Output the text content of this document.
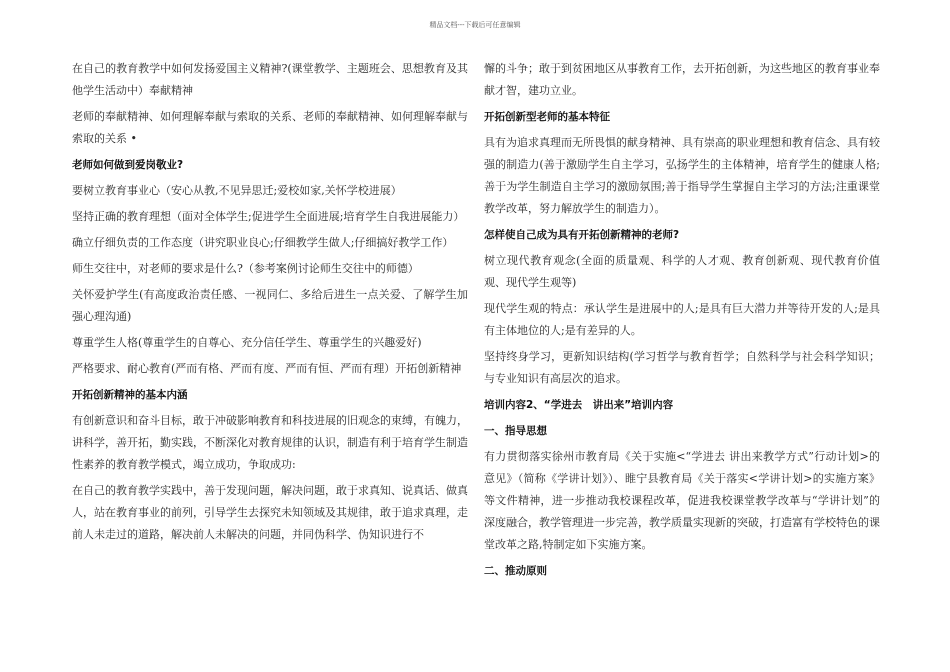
精品文档---下载后可任意编辑

在自己的教育教学中如何发扬爱国主义精神?(课堂教学、主题班会、思想教育及其他学生活动中）奉献精神

老师的奉献精神、如何理解奉献与索取的关系、老师的奉献精神、如何理解奉献与索取的关系 •

老师如何做到爱岗敬业?

要树立教育事业心（安心从教,不见异思迁;爱校如家,关怀学校进展）

坚持正确的教育理想（面对全体学生;促进学生全面进展;培育学生自我进展能力）

确立仔细负责的工作态度（讲究职业良心;仔细教学生做人;仔细搞好教学工作）

师生交往中，对老师的要求是什么?（参考案例讨论师生交往中的师德）

关怀爱护学生(有高度政治责任感、一视同仁、多给后进生一点关爱、了解学生加强心理沟通)

尊重学生人格(尊重学生的自尊心、充分信任学生、尊重学生的兴趣爱好)

严格要求、耐心教育(严而有格、严而有度、严而有恒、严而有理）开拓创新精神

开拓创新精神的基本内涵

有创新意识和奋斗目标，敢于冲破影响教育和科技进展的旧观念的束缚，有魄力，讲科学，善开拓，勤实践，不断深化对教育规律的认识，制造有利于培育学生制造性素养的教育教学模式，竭立成功，争取成功:

在自己的教育教学实践中，善于发现问题，解决问题，敢于求真知、说真话、做真人，站在教育事业的前列，引导学生去探究未知领域及其规律，敢于追求真理，走前人未走过的道路，解决前人未解决的问题，并同伪科学、伪知识进行不

懈的斗争；敢于到贫困地区从事教育工作，去开拓创新，为这些地区的教育事业奉献才智，建功立业。

开拓创新型老师的基本特征

具有为追求真理而无所畏惧的献身精神、具有崇高的职业理想和教育信念、具有较强的制造力(善于激励学生自主学习，弘扬学生的主体精神，培育学生的健康人格;善于为学生制造自主学习的激励氛围;善于指导学生掌握自主学习的方法;注重课堂教学改革，努力解放学生的制造力）。

怎样使自己成为具有开拓创新精神的老师?

树立现代教育观念(全面的质量观、科学的人才观、教育创新观、现代教育价值观、现代学生观等)

现代学生观的特点：承认学生是进展中的人;是具有巨大潜力并等待开发的人;是具有主体地位的人;是有差异的人。

坚持终身学习，更新知识结构(学习哲学与教育哲学；自然科学与社会科学知识；与专业知识有高层次的追求。

培训内容2、“学进去　讲出来”培训内容

一、指导思想

有力贯彻落实徐州市教育局《关于实施<“学进去 讲出来教学方式”行动计划>的意见》（简称《学讲计划》）、睢宁县教育局《关于落实<学讲计划>的实施方案》等文件精神，进一步推动我校课程改革，促进我校课堂教学改革与“学讲计划”的深度融合，教学管理进一步完善，教学质量实现新的突破，打造富有学校特色的课堂改革之路,特制定如下实施方案。

二、推动原则
